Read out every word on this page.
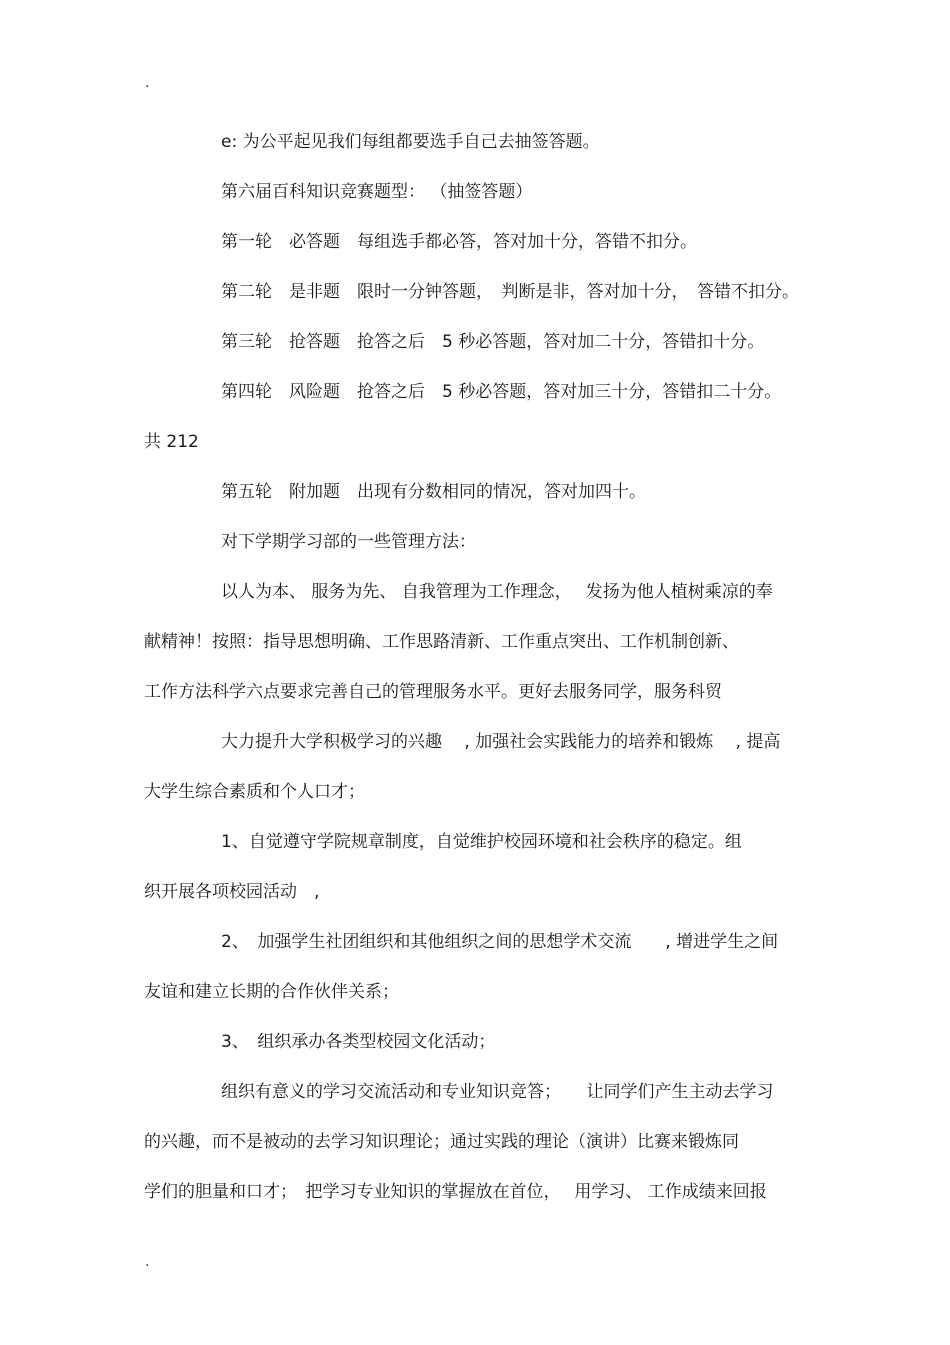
.
e: 为公平起见我们每组都要选手自己去抽签答题。
第六届百科知识竞赛题型： （抽签答题）
第一轮　必答题　每组选手都必答，答对加十分，答错不扣分。
第二轮　是非题　限时一分钟答题，　判断是非，答对加十分，　答错不扣分。
第三轮　抢答题　抢答之后　5 秒必答题，答对加二十分，答错扣十分。
第四轮　风险题　抢答之后　5 秒必答题，答对加三十分，答错扣二十分。
共 212
第五轮　附加题　出现有分数相同的情况，答对加四十。
对下学期学习部的一些管理方法：
以人为本、 服务为先、 自我管理为工作理念，　 发扬为他人植树乘凉的奉
献精神！按照：指导思想明确、工作思路清新、工作重点突出、工作机制创新、
工作方法科学六点要求完善自己的管理服务水平。更好去服务同学，服务科贸
大力提升大学积极学习的兴趣　 , 加强社会实践能力的培养和锻炼　 , 提高
大学生综合素质和个人口才；
1、自觉遵守学院规章制度，自觉维护校园环境和社会秩序的稳定。组
织开展各项校园活动　,
2、　加强学生社团组织和其他组织之间的思想学术交流　　, 增进学生之间
友谊和建立长期的合作伙伴关系；
3、　组织承办各类型校园文化活动；
组织有意义的学习交流活动和专业知识竞答；　　让同学们产生主动去学习
的兴趣，而不是被动的去学习知识理论；通过实践的理论（演讲）比赛来锻炼同
学们的胆量和口才；　把学习专业知识的掌握放在首位，　 用学习、 工作成绩来回报
.
